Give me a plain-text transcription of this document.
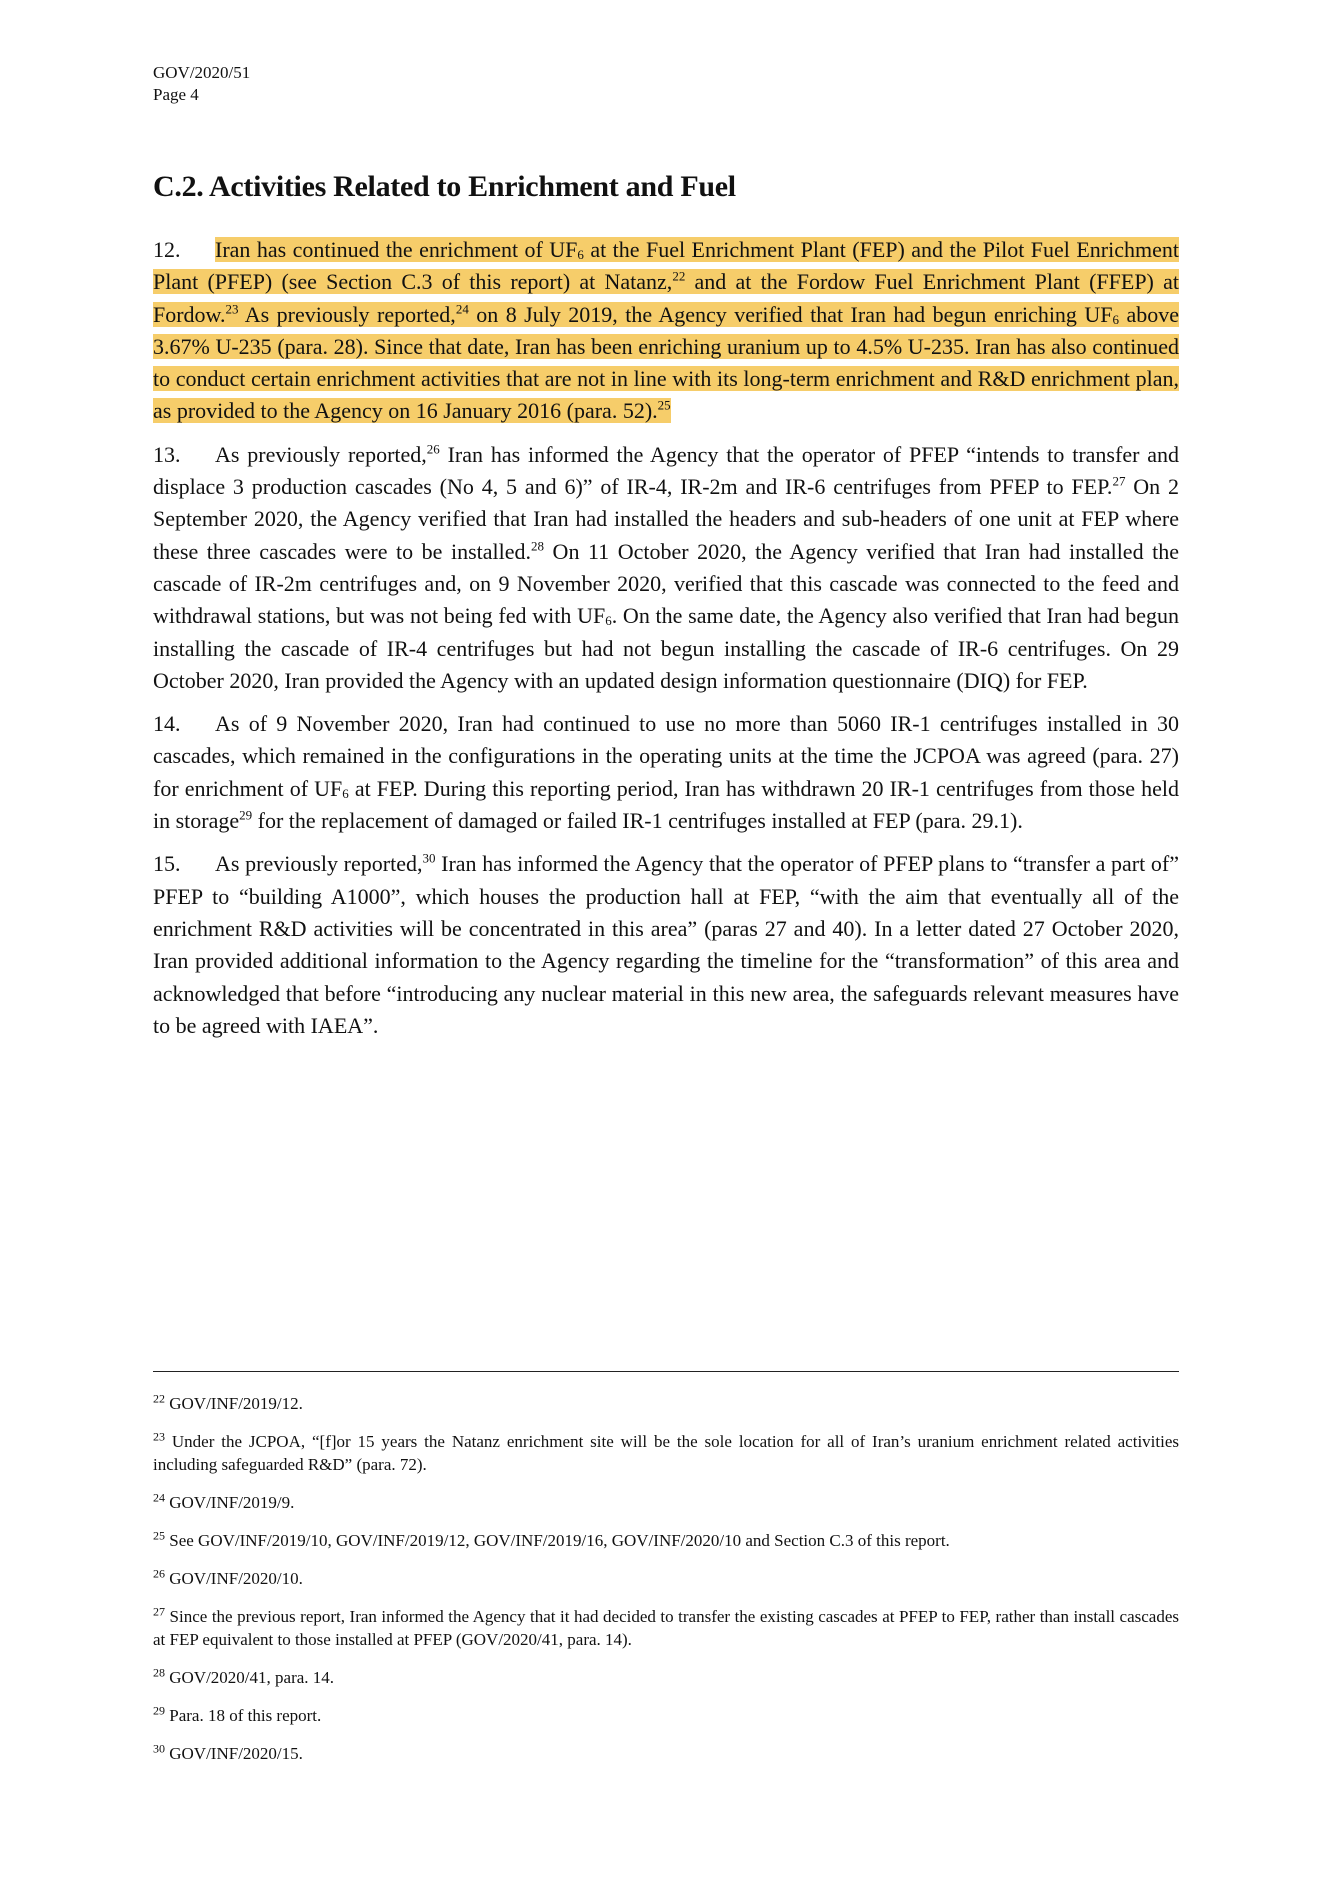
GOV/2020/51
Page 4
C.2. Activities Related to Enrichment and Fuel

12. Iran has continued the enrichment of $UF_6$ at the Fuel Enrichment Plant (FEP) and the Pilot Fuel Enrichment Plant (PFEP) (see Section C.3 of this report) at Natanz,$^{22}$ and at the Fordow Fuel Enrichment Plant (FFEP) at Fordow.$^{23}$ As previously reported,$^{24}$ on 8 July 2019, the Agency verified that Iran had begun enriching $UF_6$ above 3.67% U-235 (para. 28). Since that date, Iran has been enriching uranium up to 4.5% U-235. Iran has also continued to conduct certain enrichment activities that are not in line with its long-term enrichment and R&D enrichment plan, as provided to the Agency on 16 January 2016 (para. 52).$^{25}$

13. As previously reported,$^{26}$ Iran has informed the Agency that the operator of PFEP “intends to transfer and displace 3 production cascades (No 4, 5 and 6)” of IR-4, IR-2m and IR-6 centrifuges from PFEP to FEP.$^{27}$ On 2 September 2020, the Agency verified that Iran had installed the headers and sub-headers of one unit at FEP where these three cascades were to be installed.$^{28}$ On 11 October 2020, the Agency verified that Iran had installed the cascade of IR-2m centrifuges and, on 9 November 2020, verified that this cascade was connected to the feed and withdrawal stations, but was not being fed with $UF_6$. On the same date, the Agency also verified that Iran had begun installing the cascade of IR-4 centrifuges but had not begun installing the cascade of IR-6 centrifuges. On 29 October 2020, Iran provided the Agency with an updated design information questionnaire (DIQ) for FEP.

14. As of 9 November 2020, Iran had continued to use no more than 5060 IR-1 centrifuges installed in 30 cascades, which remained in the configurations in the operating units at the time the JCPOA was agreed (para. 27) for enrichment of $UF_6$ at FEP. During this reporting period, Iran has withdrawn 20 IR-1 centrifuges from those held in storage$^{29}$ for the replacement of damaged or failed IR-1 centrifuges installed at FEP (para. 29.1).

15. As previously reported,$^{30}$ Iran has informed the Agency that the operator of PFEP plans to “transfer a part of” PFEP to “building A1000”, which houses the production hall at FEP, “with the aim that eventually all of the enrichment R&D activities will be concentrated in this area” (paras 27 and 40). In a letter dated 27 October 2020, Iran provided additional information to the Agency regarding the timeline for the “transformation” of this area and acknowledged that before “introducing any nuclear material in this new area, the safeguards relevant measures have to be agreed with IAEA”.

$^{22}$ GOV/INF/2019/12.

$^{23}$ Under the JCPOA, “[f]or 15 years the Natanz enrichment site will be the sole location for all of Iran’s uranium enrichment related activities including safeguarded R&D” (para. 72).

$^{24}$ GOV/INF/2019/9.

$^{25}$ See GOV/INF/2019/10, GOV/INF/2019/12, GOV/INF/2019/16, GOV/INF/2020/10 and Section C.3 of this report.

$^{26}$ GOV/INF/2020/10.

$^{27}$ Since the previous report, Iran informed the Agency that it had decided to transfer the existing cascades at PFEP to FEP, rather than install cascades at FEP equivalent to those installed at PFEP (GOV/2020/41, para. 14).

$^{28}$ GOV/2020/41, para. 14.

$^{29}$ Para. 18 of this report.

$^{30}$ GOV/INF/2020/15.
